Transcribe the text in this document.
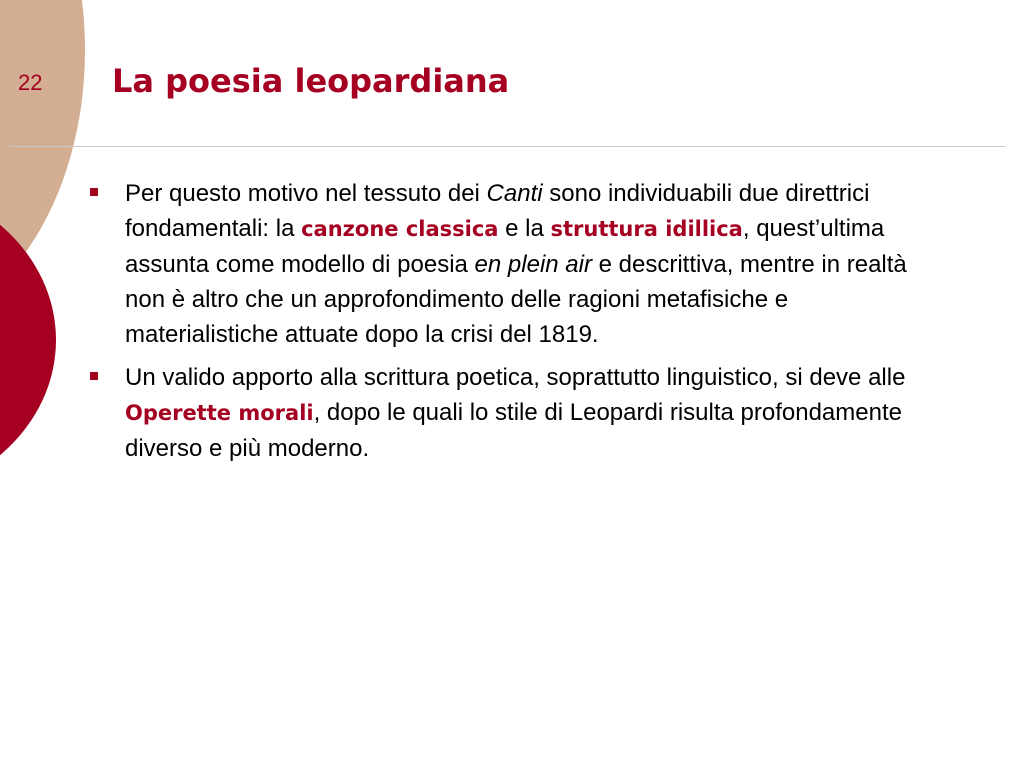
22	La poesia leopardiana
Per questo motivo nel tessuto dei Canti sono individuabili due direttrici fondamentali: la canzone classica e la struttura idillica, quest’ultima assunta come modello di poesia en plein air e descrittiva, mentre in realtà non è altro che un approfondimento delle ragioni metafisiche e materialistiche attuate dopo la crisi del 1819.
Un valido apporto alla scrittura poetica, soprattutto linguistico, si deve alle Operette morali, dopo le quali lo stile di Leopardi risulta profondamente diverso e più moderno.
